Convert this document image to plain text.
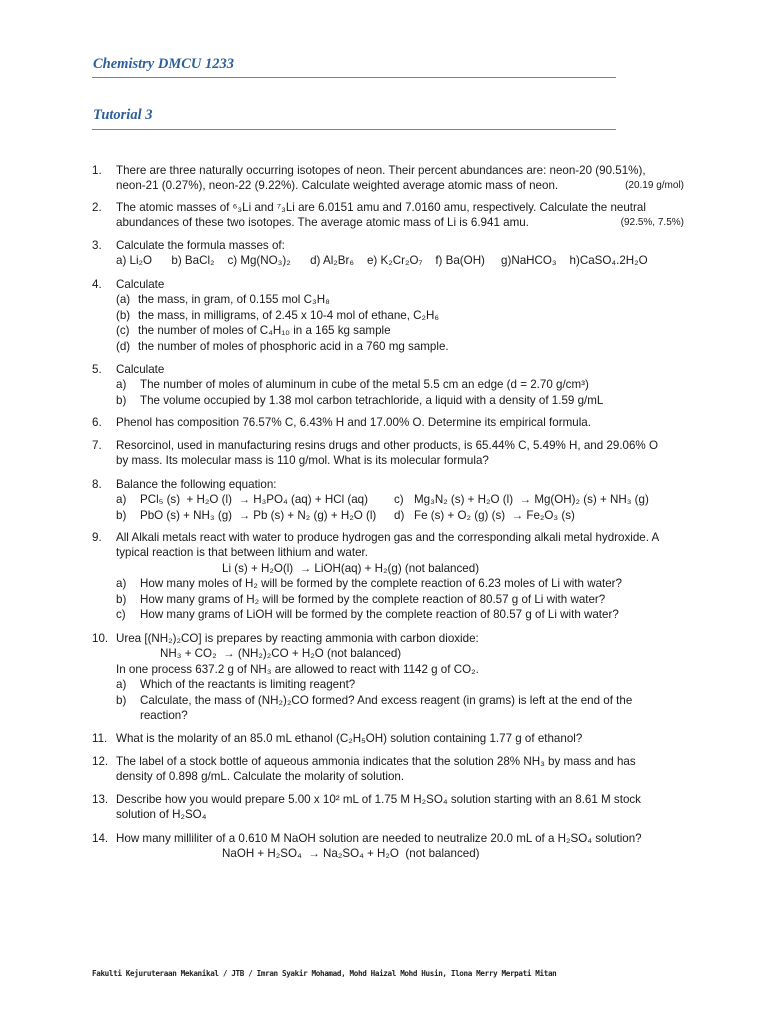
Chemistry DMCU 1233
Tutorial 3
1.	There are three naturally occurring isotopes of neon. Their percent abundances are: neon-20 (90.51%),
(20.19 g/mol)
neon-21 (0.27%), neon-22 (9.22%). Calculate weighted average atomic mass of neon.
2.	The atomic masses of ⁶₃Li and ⁷₃Li are 6.0151 amu and 7.0160 amu, respectively. Calculate the neutral
(92.5%, 7.5%)
abundances of these two isotopes. The average atomic mass of Li is 6.941 amu.
3.	Calculate the formula masses of:
a) Li₂O      b) BaCl₂    c) Mg(NO₃)₂      d) Al₂Br₆    e) K₂Cr₂O₇    f) Ba(OH)     g)NaHCO₃    h)CaSO₄.2H₂O
4.	Calculate
(a) the mass, in gram, of 0.155 mol C₃H₈
(b) the mass, in milligrams, of 2.45 x 10-4 mol of ethane, C₂H₆
(c) the number of moles of C₄H₁₀ in a 165 kg sample
(d) the number of moles of phosphoric acid in a 760 mg sample.
5.	Calculate
a)	The number of moles of aluminum in cube of the metal 5.5 cm an edge (d = 2.70 g/cm³)
b)	The volume occupied by 1.38 mol carbon tetrachloride, a liquid with a density of 1.59 g/mL
6.	Phenol has composition 76.57% C, 6.43% H and 17.00% O. Determine its empirical formula.
7.	Resorcinol, used in manufacturing resins drugs and other products, is 65.44% C, 5.49% H, and 29.06% O
by mass. Its molecular mass is 110 g/mol. What is its molecular formula?
8.	Balance the following equation:
a)	PCl₅ (s)  + H₂O (l)  → H₃PO₄ (aq) + HCl (aq) c) Mg₃N₂ (s) + H₂O (l)  → Mg(OH)₂ (s) + NH₃ (g)
b)	PbO (s) + NH₃ (g)  → Pb (s) + N₂ (g) + H₂O (l) d) Fe (s) + O₂ (g) (s)  → Fe₂O₃ (s)
9.	All Alkali metals react with water to produce hydrogen gas and the corresponding alkali metal hydroxide. A
typical reaction is that between lithium and water.
Li (s) + H₂O(l)  → LiOH(aq) + H₂(g) (not balanced)
a)	How many moles of H₂ will be formed by the complete reaction of 6.23 moles of Li with water?
b)	How many grams of H₂ will be formed by the complete reaction of 80.57 g of Li with water?
c)	How many grams of LiOH will be formed by the complete reaction of 80.57 g of Li with water?
10. Urea [(NH₂)₂CO] is prepares by reacting ammonia with carbon dioxide:
NH₃ + CO₂  → (NH₂)₂CO + H₂O (not balanced)
In one process 637.2 g of NH₃ are allowed to react with 1142 g of CO₂.
a)	Which of the reactants is limiting reagent?
b)	Calculate, the mass of (NH₂)₂CO formed? And excess reagent (in grams) is left at the end of the
reaction?
11. What is the molarity of an 85.0 mL ethanol (C₂H₅OH) solution containing 1.77 g of ethanol?
12. The label of a stock bottle of aqueous ammonia indicates that the solution 28% NH₃ by mass and has
density of 0.898 g/mL. Calculate the molarity of solution.
13. Describe how you would prepare 5.00 x 10² mL of 1.75 M H₂SO₄ solution starting with an 8.61 M stock
solution of H₂SO₄
14. How many milliliter of a 0.610 M NaOH solution are needed to neutralize 20.0 mL of a H₂SO₄ solution?
NaOH + H₂SO₄  → Na₂SO₄ + H₂O  (not balanced)
Fakulti Kejuruteraan Mekanikal / JTB / Imran Syakir Mohamad, Mohd Haizal Mohd Husin, Ilona Merry Merpati Mitan
